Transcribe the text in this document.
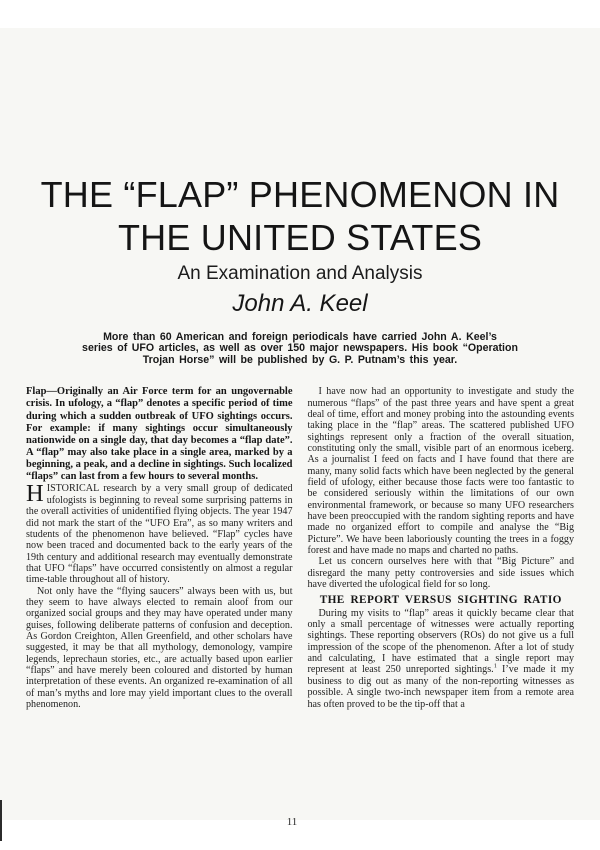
THE “FLAP” PHENOMENON IN
THE UNITED STATES
An Examination and Analysis
John A. Keel
More than 60 American and foreign periodicals have carried John A. Keel’s
series of UFO articles, as well as over 150 major newspapers. His book “Operation
Trojan Horse” will be published by G. P. Putnam’s this year.

Flap—Originally an Air Force term for an ungovernable crisis. In ufology, a “flap” denotes a specific period of time during which a sudden outbreak of UFO sightings occurs. For example: if many sightings occur simultaneously nationwide on a single day, that day becomes a “flap date”. A “flap” may also take place in a single area, marked by a beginning, a peak, and a decline in sightings. Such localized “flaps” can last from a few hours to several months.

HISTORICAL research by a very small group of dedicated ufologists is beginning to reveal some surprising patterns in the overall activities of unidentified flying objects. The year 1947 did not mark the start of the “UFO Era”, as so many writers and students of the phenomenon have believed. “Flap” cycles have now been traced and documented back to the early years of the 19th century and additional research may eventually demonstrate that UFO “flaps” have occurred consistently on almost a regular time-table throughout all of history.

Not only have the “flying saucers” always been with us, but they seem to have always elected to remain aloof from our organized social groups and they may have operated under many guises, following deliberate patterns of confusion and deception. As Gordon Creighton, Allen Greenfield, and other scholars have suggested, it may be that all mythology, demonology, vampire legends, leprechaun stories, etc., are actually based upon earlier “flaps” and have merely been coloured and distorted by human interpretation of these events. An organized re-examination of all of man’s myths and lore may yield important clues to the overall phenomenon.

I have now had an opportunity to investigate and study the numerous “flaps” of the past three years and have spent a great deal of time, effort and money probing into the astounding events taking place in the “flap” areas. The scattered published UFO sightings represent only a fraction of the overall situation, constituting only the small, visible part of an enormous iceberg. As a journalist I feed on facts and I have found that there are many, many solid facts which have been neglected by the general field of ufology, either because those facts were too fantastic to be considered seriously within the limitations of our own environmental framework, or because so many UFO researchers have been preoccupied with the random sighting reports and have made no organized effort to compile and analyse the “Big Picture”. We have been laboriously counting the trees in a foggy forest and have made no maps and charted no paths.

Let us concern ourselves here with that “Big Picture” and disregard the many petty controversies and side issues which have diverted the ufological field for so long.

THE REPORT VERSUS SIGHTING RATIO

During my visits to “flap” areas it quickly became clear that only a small percentage of witnesses were actually reporting sightings. These reporting observers (ROs) do not give us a full impression of the scope of the phenomenon. After a lot of study and calculating, I have estimated that a single report may represent at least 250 unreported sightings.$^1$ I’ve made it my business to dig out as many of the non-reporting witnesses as possible. A single two-inch newspaper item from a remote area has often proved to be the tip-off that a

11
